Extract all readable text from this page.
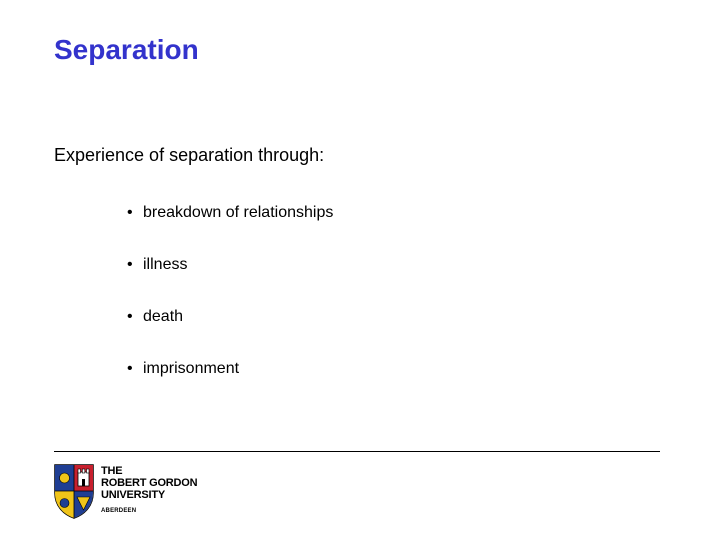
Separation
Experience of separation through:
• breakdown of relationships
• illness
• death
• imprisonment
THE
ROBERT GORDON
UNIVERSITY
ABERDEEN
